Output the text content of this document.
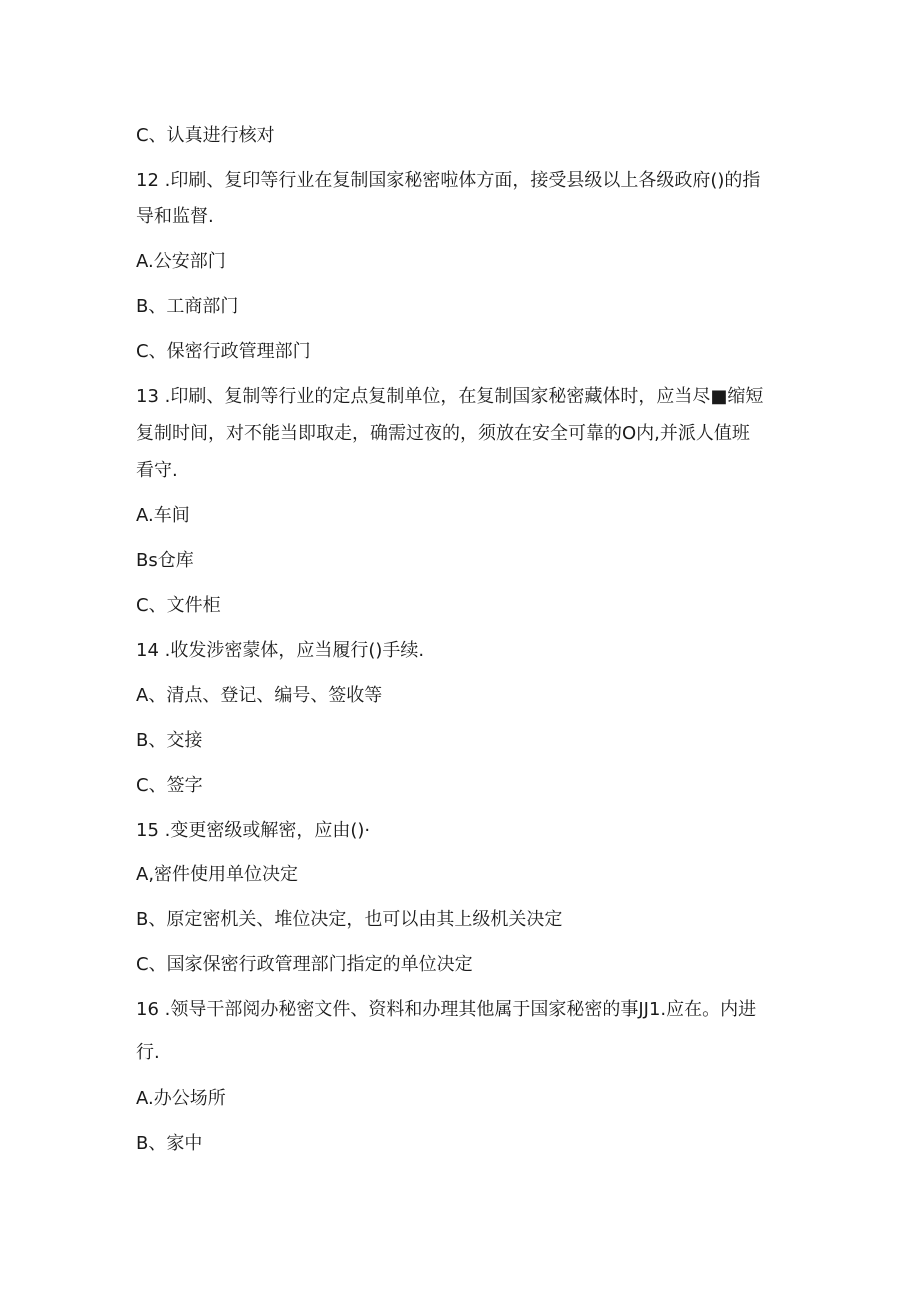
C、认真进行核对
12 .印刷、复印等行业在复制国家秘密啦体方面，接受县级以上各级政府()的指
导和监督.
A.公安部门
B、工商部门
C、保密行政管理部门
13 .印刷、复制等行业的定点复制单位，在复制国家秘密藏体时，应当尽■缩短
复制时间，对不能当即取走，确需过夜的，须放在安全可靠的O内,并派人值班
看守.
A.车间
Bs仓库
C、文件柜
14 .收发涉密蒙体，应当履行()手续.
A、清点、登记、编号、签收等
B、交接
C、签字
15 .变更密级或解密，应由()·
A,密件使用单位决定
B、原定密机关、堆位决定，也可以由其上级机关决定
C、国家保密行政管理部门指定的单位决定
16 .领导干部阅办秘密文件、资料和办理其他属于国家秘密的事JJ1.应在。内进
行.
A.办公场所
B、家中
